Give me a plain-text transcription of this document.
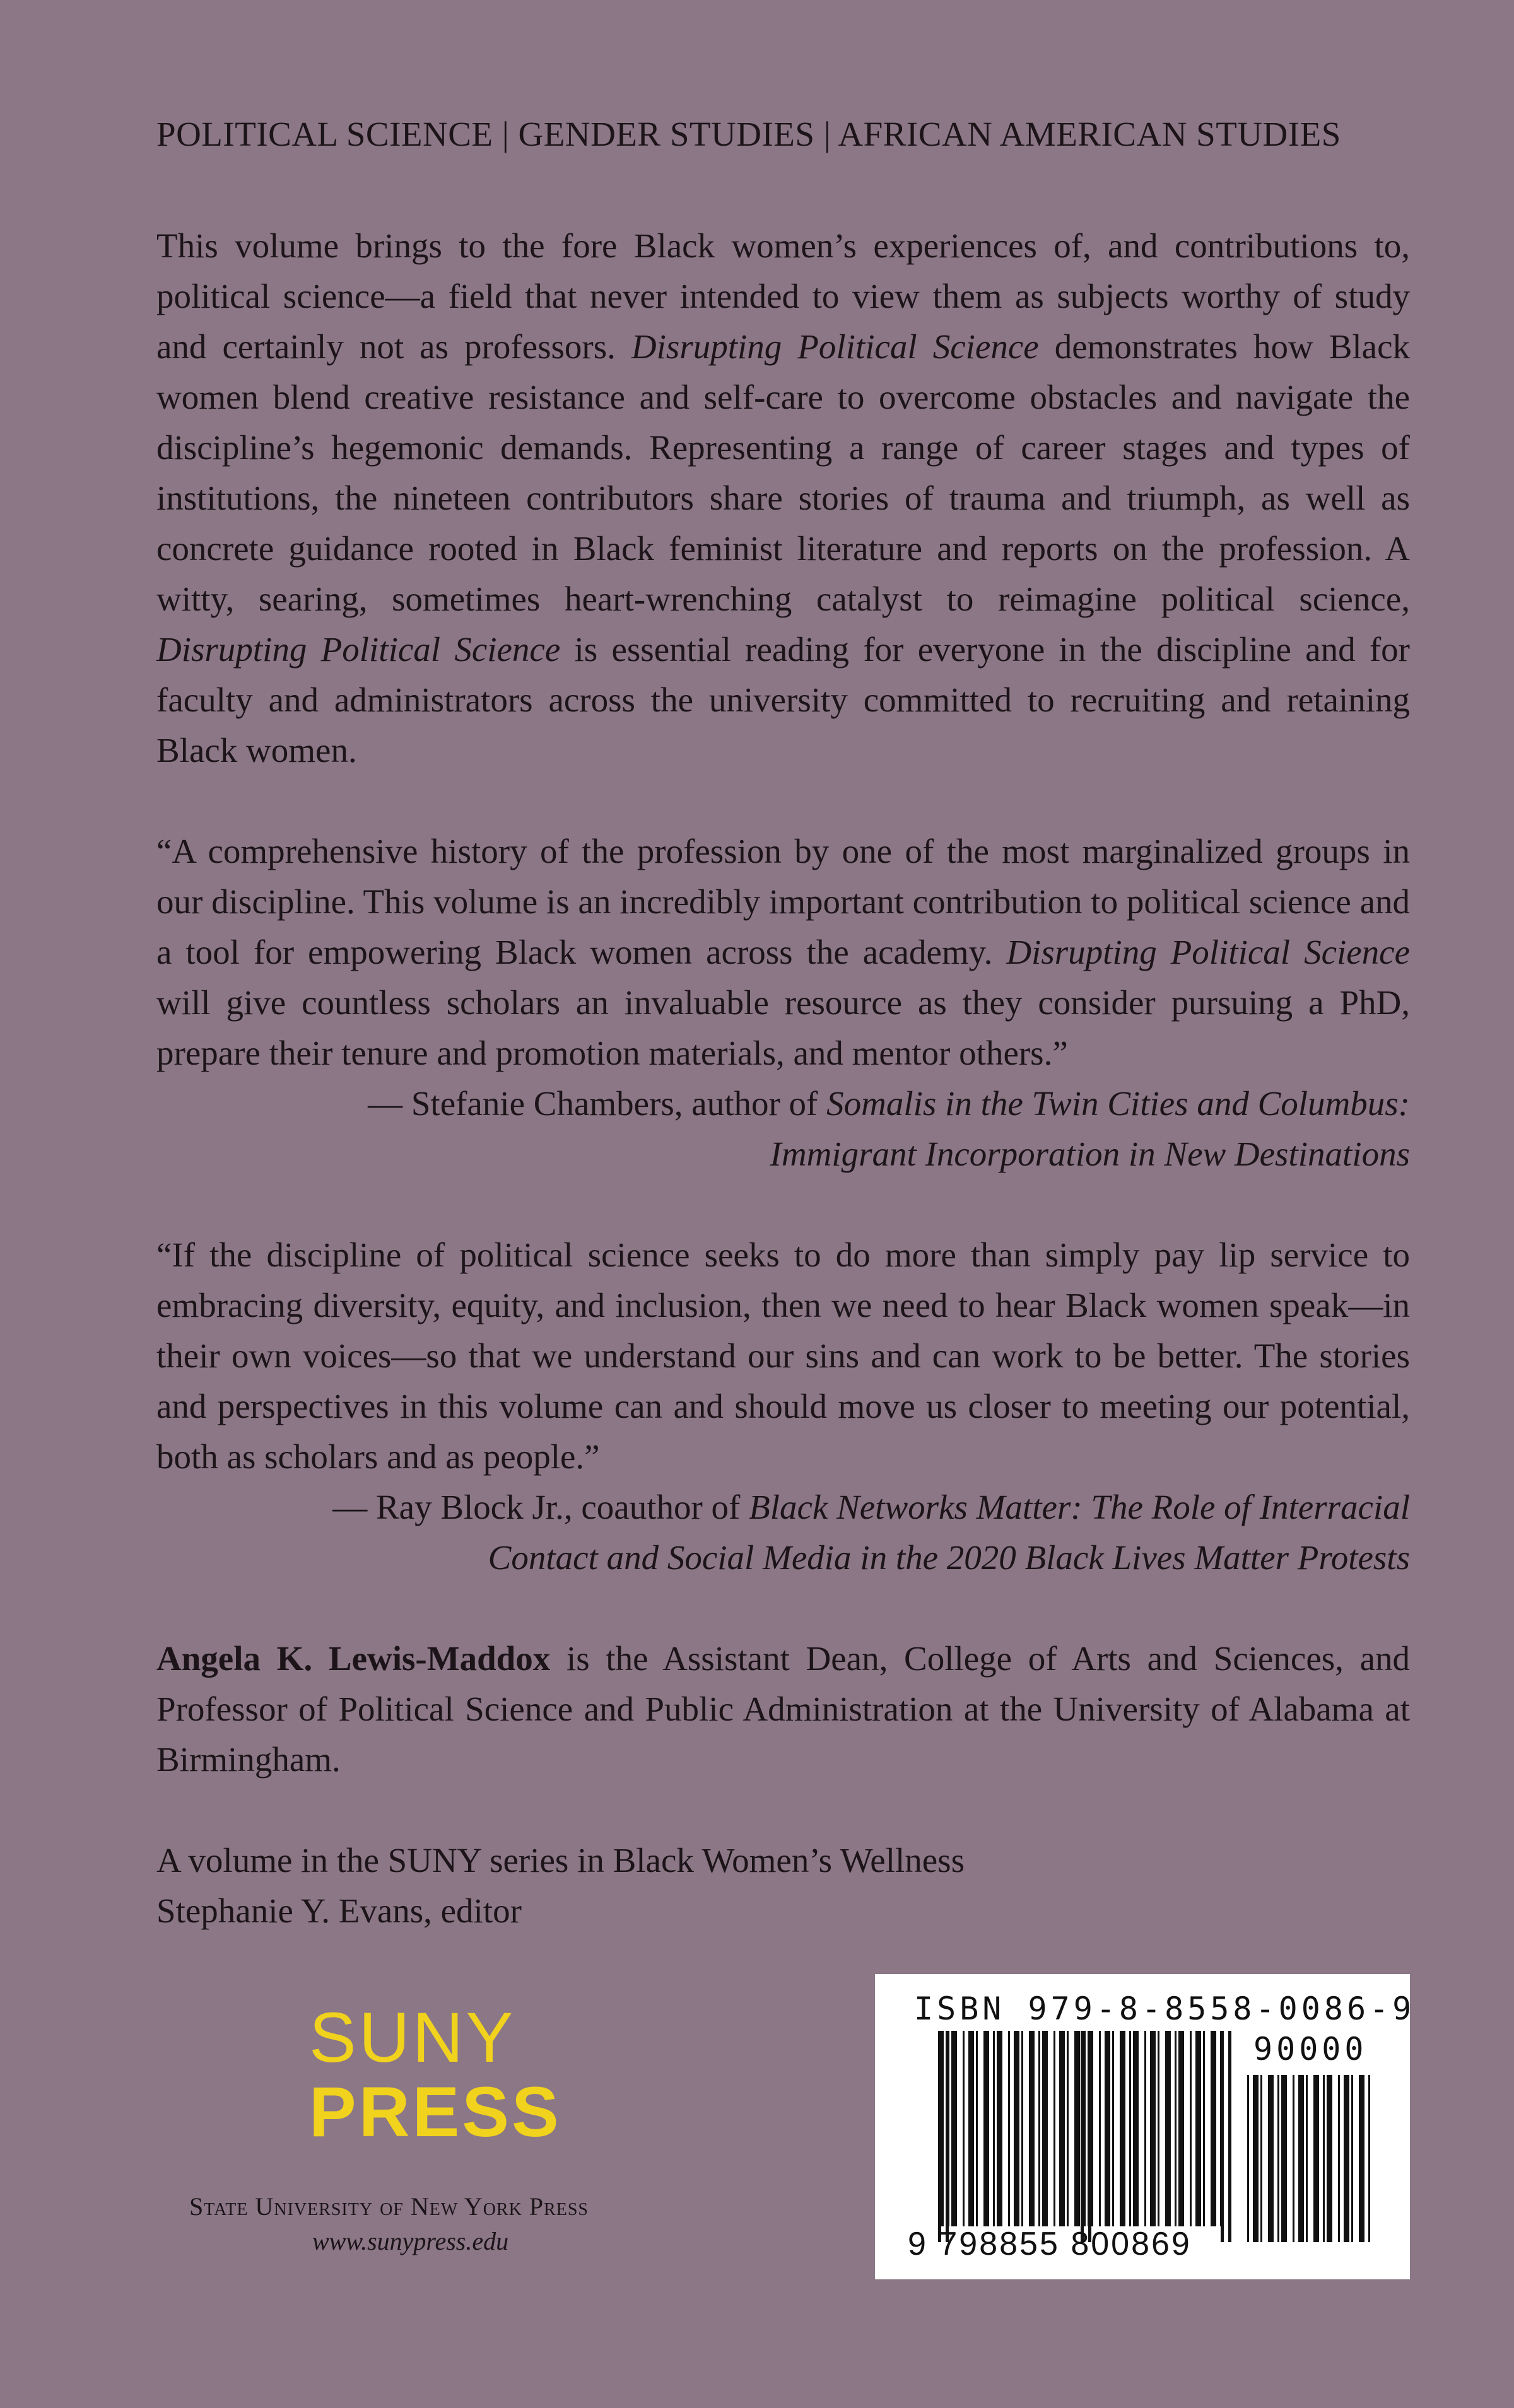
POLITICAL SCIENCE | GENDER STUDIES | AFRICAN AMERICAN STUDIES

This volume brings to the fore Black women’s experiences of, and contributions to, political science—a field that never intended to view them as subjects worthy of study and certainly not as professors. Disrupting Political Science demonstrates how Black women blend creative resistance and self-care to overcome obstacles and navigate the discipline’s hegemonic demands. Representing a range of career stages and types of institutions, the nineteen contributors share stories of trauma and triumph, as well as concrete guidance rooted in Black feminist literature and reports on the profession. A witty, searing, sometimes heart-wrenching catalyst to reimagine political science, Disrupting Political Science is essential reading for everyone in the discipline and for faculty and administrators across the university committed to recruiting and retaining Black women.

“A comprehensive history of the profession by one of the most marginalized groups in our discipline. This volume is an incredibly important contribution to political science and a tool for empowering Black women across the academy. Disrupting Political Science will give countless scholars an invaluable resource as they consider pursuing a PhD, prepare their tenure and promotion materials, and mentor others.”

— Stefanie Chambers, author of Somalis in the Twin Cities and Columbus:
Immigrant Incorporation in New Destinations

“If the discipline of political science seeks to do more than simply pay lip service to embracing diversity, equity, and inclusion, then we need to hear Black women speak—in their own voices—so that we understand our sins and can work to be better. The stories and perspectives in this volume can and should move us closer to meeting our potential, both as scholars and as people.”

— Ray Block Jr., coauthor of Black Networks Matter: The Role of Interracial
Contact and Social Media in the 2020 Black Lives Matter Protests

Angela K. Lewis-Maddox is the Assistant Dean, College of Arts and Sciences, and Professor of Political Science and Public Administration at the University of Alabama at Birmingham.

A volume in the SUNY series in Black Women’s Wellness
Stephanie Y. Evans, editor
SUNY
PRESS
State University of New York Press
www.sunypress.edu
ISBN 979-8-8558-0086-9
90000
9 798855 800869
